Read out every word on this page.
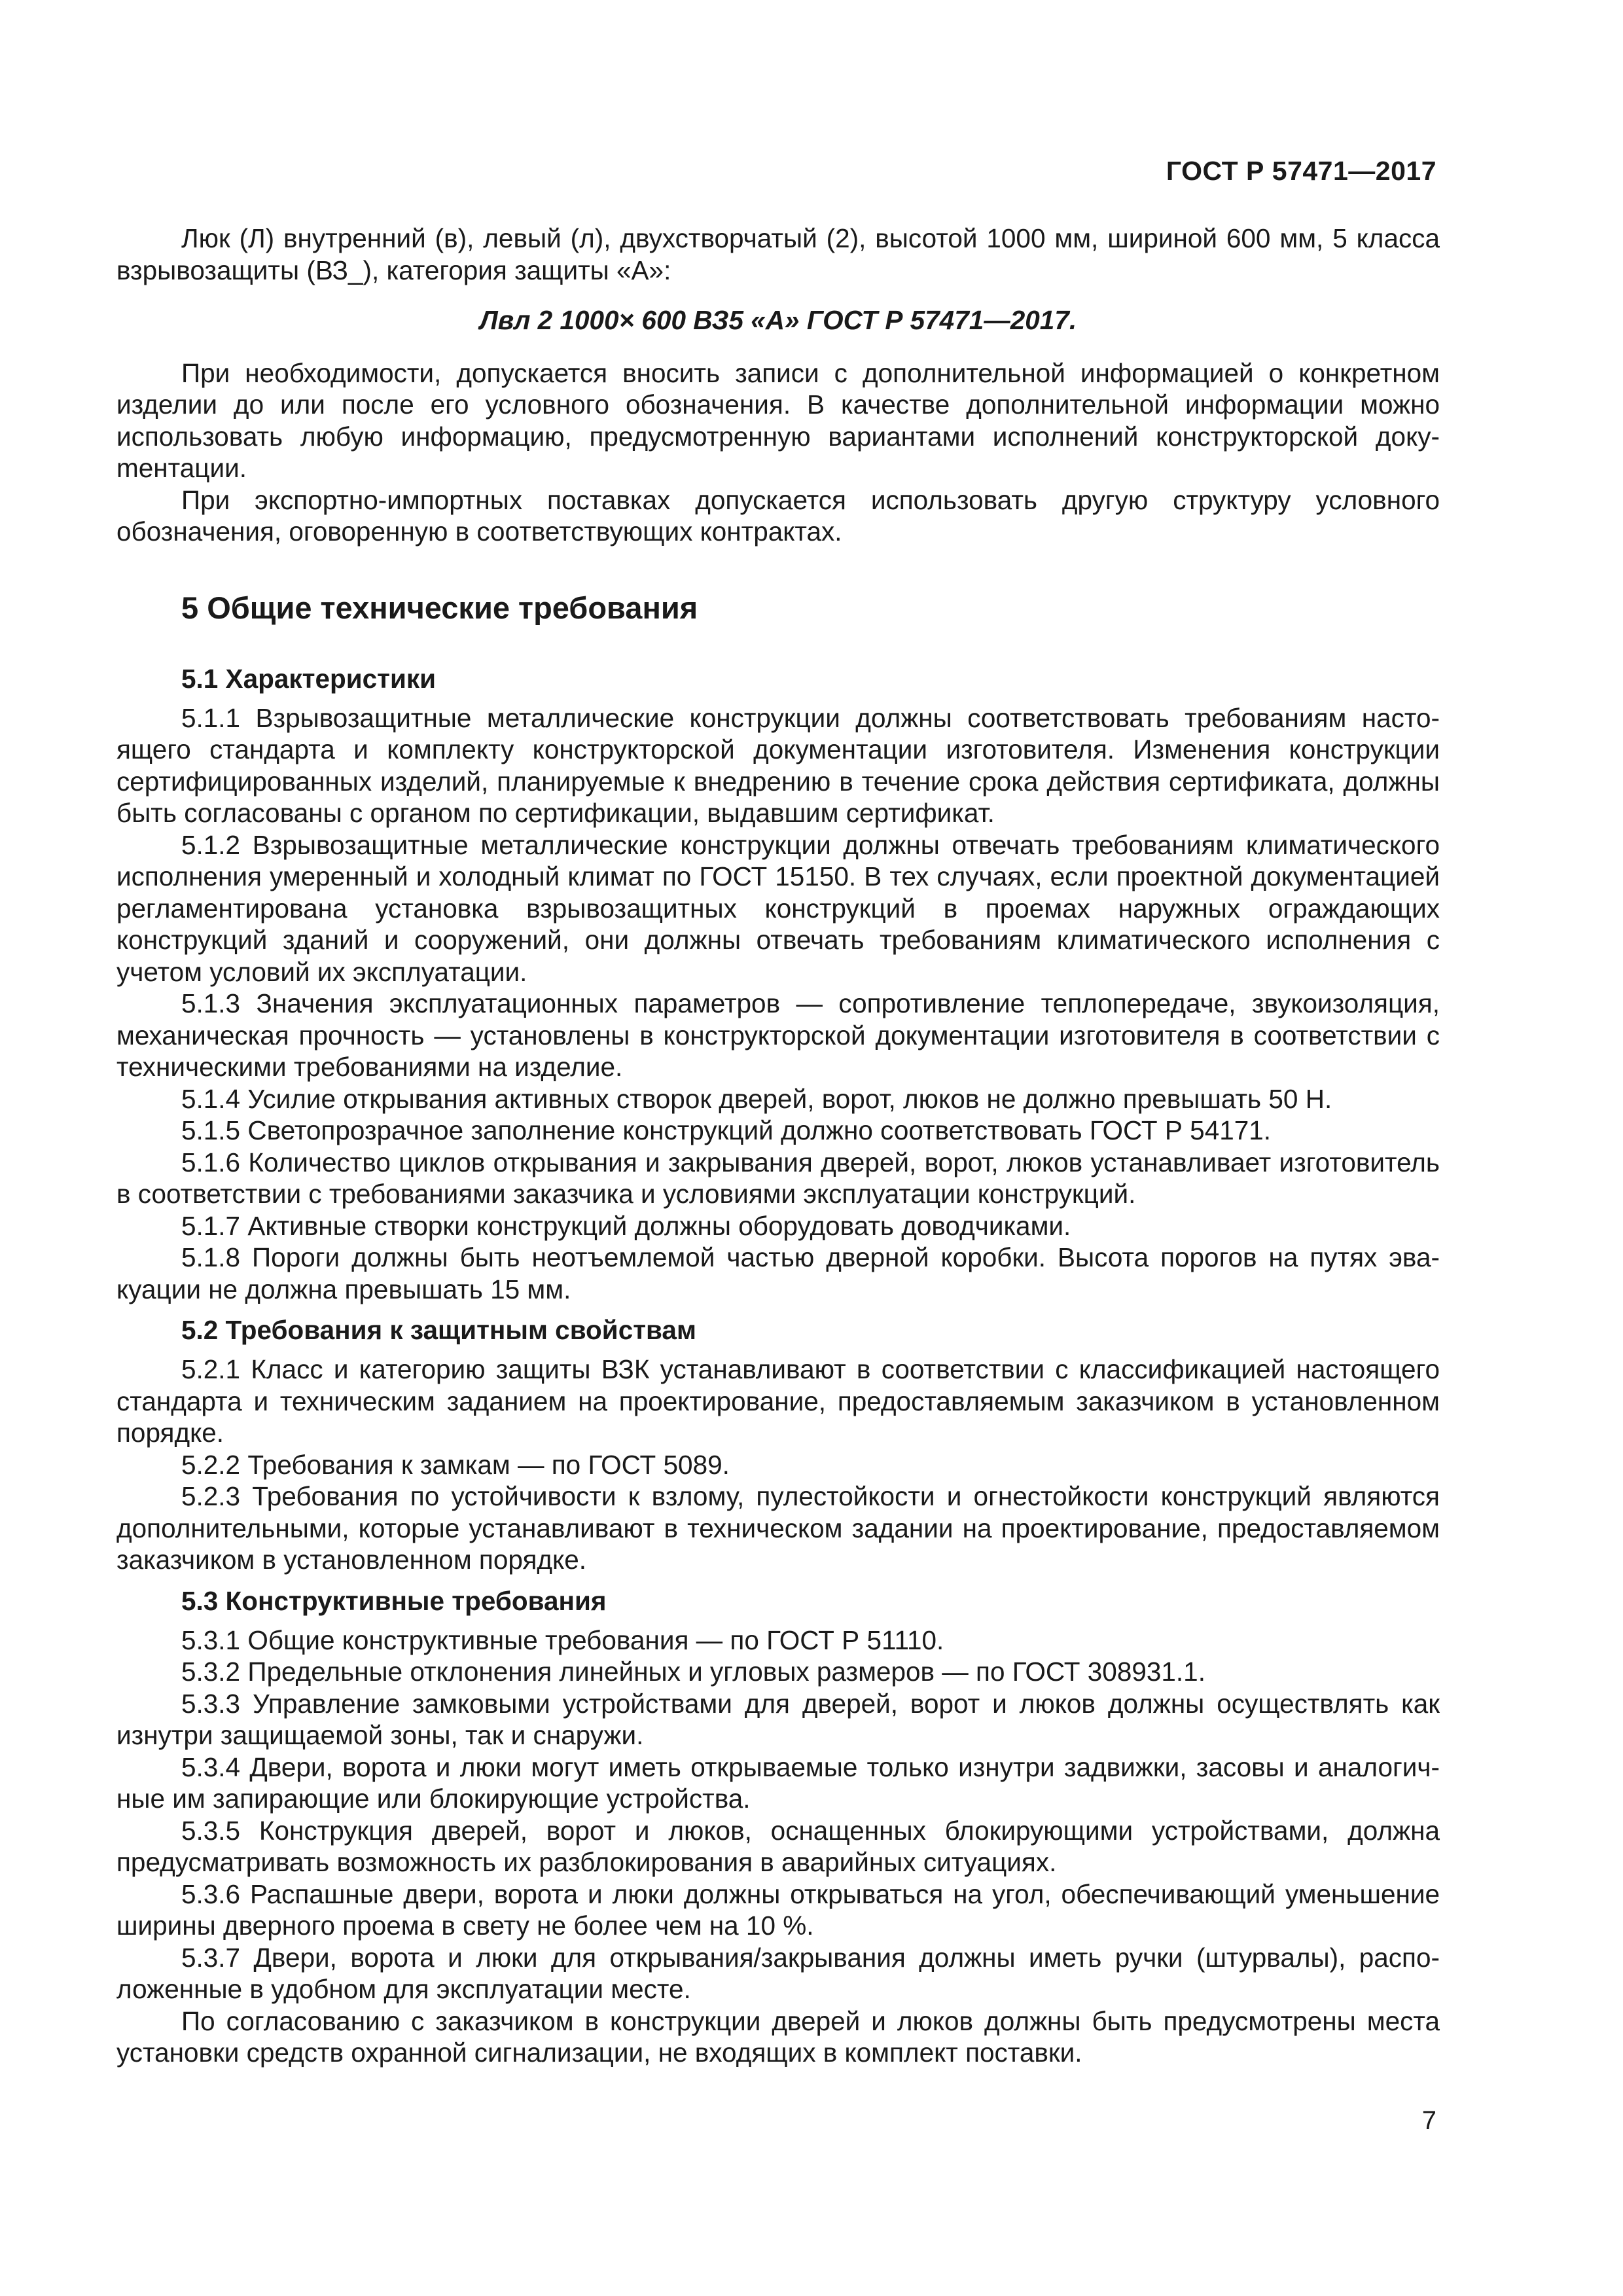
ГОСТ Р 57471—2017

Люк (Л) внутренний (в), левый (л), двухстворчатый (2), высотой 1000 мм, шириной 600 мм, 5 класса взрывозащиты (ВЗ_), категория защиты «А»:

Лвл 2 1000× 600 ВЗ5 «А» ГОСТ Р 57471—2017.

При необходимости, допускается вносить записи с дополнительной информацией о конкретном изделии до или после его условного обозначения. В качестве дополнительной информации можно использовать любую информацию, предусмотренную вариантами исполнений конструкторской докуmентации.

При экспортно-импортных поставках допускается использовать другую структуру условного обозначения, оговоренную в соответствующих контрактах.

5 Общие технические требования
5.1 Характеристики

5.1.1 Взрывозащитные металлические конструкции должны соответствовать требованиям настоящего стандарта и комплекту конструкторской документации изготовителя. Изменения конструкции сертифицированных изделий, планируемые к внедрению в течение срока действия сертификата, должны быть согласованы с органом по сертификации, выдавшим сертификат.

5.1.2 Взрывозащитные металлические конструкции должны отвечать требованиям климатического исполнения умеренный и холодный климат по ГОСТ 15150. В тех случаях, если проектной документацией регламентирована установка взрывозащитных конструкций в проемах наружных ограждающих конструкций зданий и сооружений, они должны отвечать требованиям климатического исполнения с учетом условий их эксплуатации.

5.1.3 Значения эксплуатационных параметров — сопротивление теплопередаче, звукоизоляция, механическая прочность — установлены в конструкторской документации изготовителя в соответствии с техническими требованиями на изделие.

5.1.4 Усилие открывания активных створок дверей, ворот, люков не должно превышать 50 Н.

5.1.5 Светопрозрачное заполнение конструкций должно соответствовать ГОСТ Р 54171.

5.1.6 Количество циклов открывания и закрывания дверей, ворот, люков устанавливает изготовитель в соответствии с требованиями заказчика и условиями эксплуатации конструкций.

5.1.7 Активные створки конструкций должны оборудовать доводчиками.

5.1.8 Пороги должны быть неотъемлемой частью дверной коробки. Высота порогов на путях эвакуации не должна превышать 15 мм.

5.2 Требования к защитным свойствам

5.2.1 Класс и категорию защиты ВЗК устанавливают в соответствии с классификацией настоящего стандарта и техническим заданием на проектирование, предоставляемым заказчиком в установленном порядке.

5.2.2 Требования к замкам — по ГОСТ 5089.

5.2.3 Требования по устойчивости к взлому, пулестойкости и огнестойкости конструкций являются дополнительными, которые устанавливают в техническом задании на проектирование, предоставляемом заказчиком в установленном порядке.

5.3 Конструктивные требования

5.3.1 Общие конструктивные требования — по ГОСТ Р 51110.

5.3.2 Предельные отклонения линейных и угловых размеров — по ГОСТ 308931.1.

5.3.3 Управление замковыми устройствами для дверей, ворот и люков должны осуществлять как изнутри защищаемой зоны, так и снаружи.

5.3.4 Двери, ворота и люки могут иметь открываемые только изнутри задвижки, засовы и аналогичные им запирающие или блокирующие устройства.

5.3.5 Конструкция дверей, ворот и люков, оснащенных блокирующими устройствами, должна предусматривать возможность их разблокирования в аварийных ситуациях.

5.3.6 Распашные двери, ворота и люки должны открываться на угол, обеспечивающий уменьшение ширины дверного проема в свету не более чем на 10 %.

5.3.7 Двери, ворота и люки для открывания/закрывания должны иметь ручки (штурвалы), расположенные в удобном для эксплуатации месте.

По согласованию с заказчиком в конструкции дверей и люков должны быть предусмотрены места установки средств охранной сигнализации, не входящих в комплект поставки.

7
